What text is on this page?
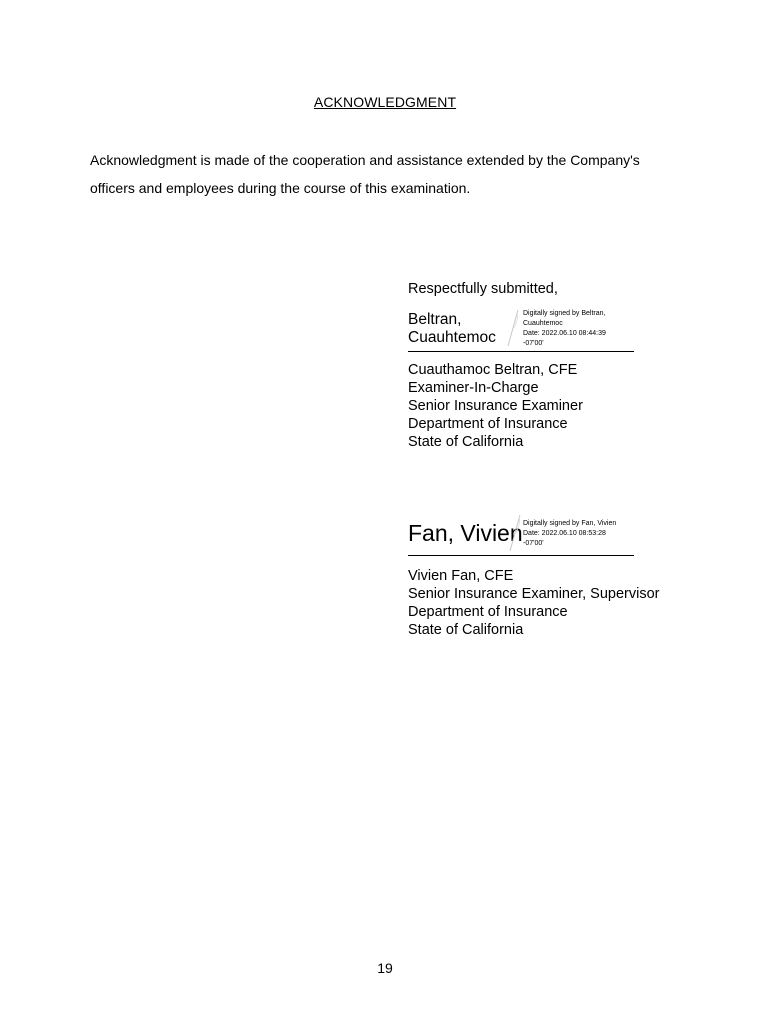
ACKNOWLEDGMENT
Acknowledgment is made of the cooperation and assistance extended by the Company's
officers and employees during the course of this examination.
Respectfully submitted,
Beltran,
Cuauhtemoc
Digitally signed by Beltran,
Cuauhtemoc
Date: 2022.06.10 08:44:39
-07'00'
Cuauthamoc Beltran, CFE
Examiner-In-Charge
Senior Insurance Examiner
Department of Insurance
State of California
Fan, Vivien Digitally signed by Fan, Vivien
Date: 2022.06.10 08:53:28
-07'00'
Vivien Fan, CFE
Senior Insurance Examiner, Supervisor
Department of Insurance
State of California
19
